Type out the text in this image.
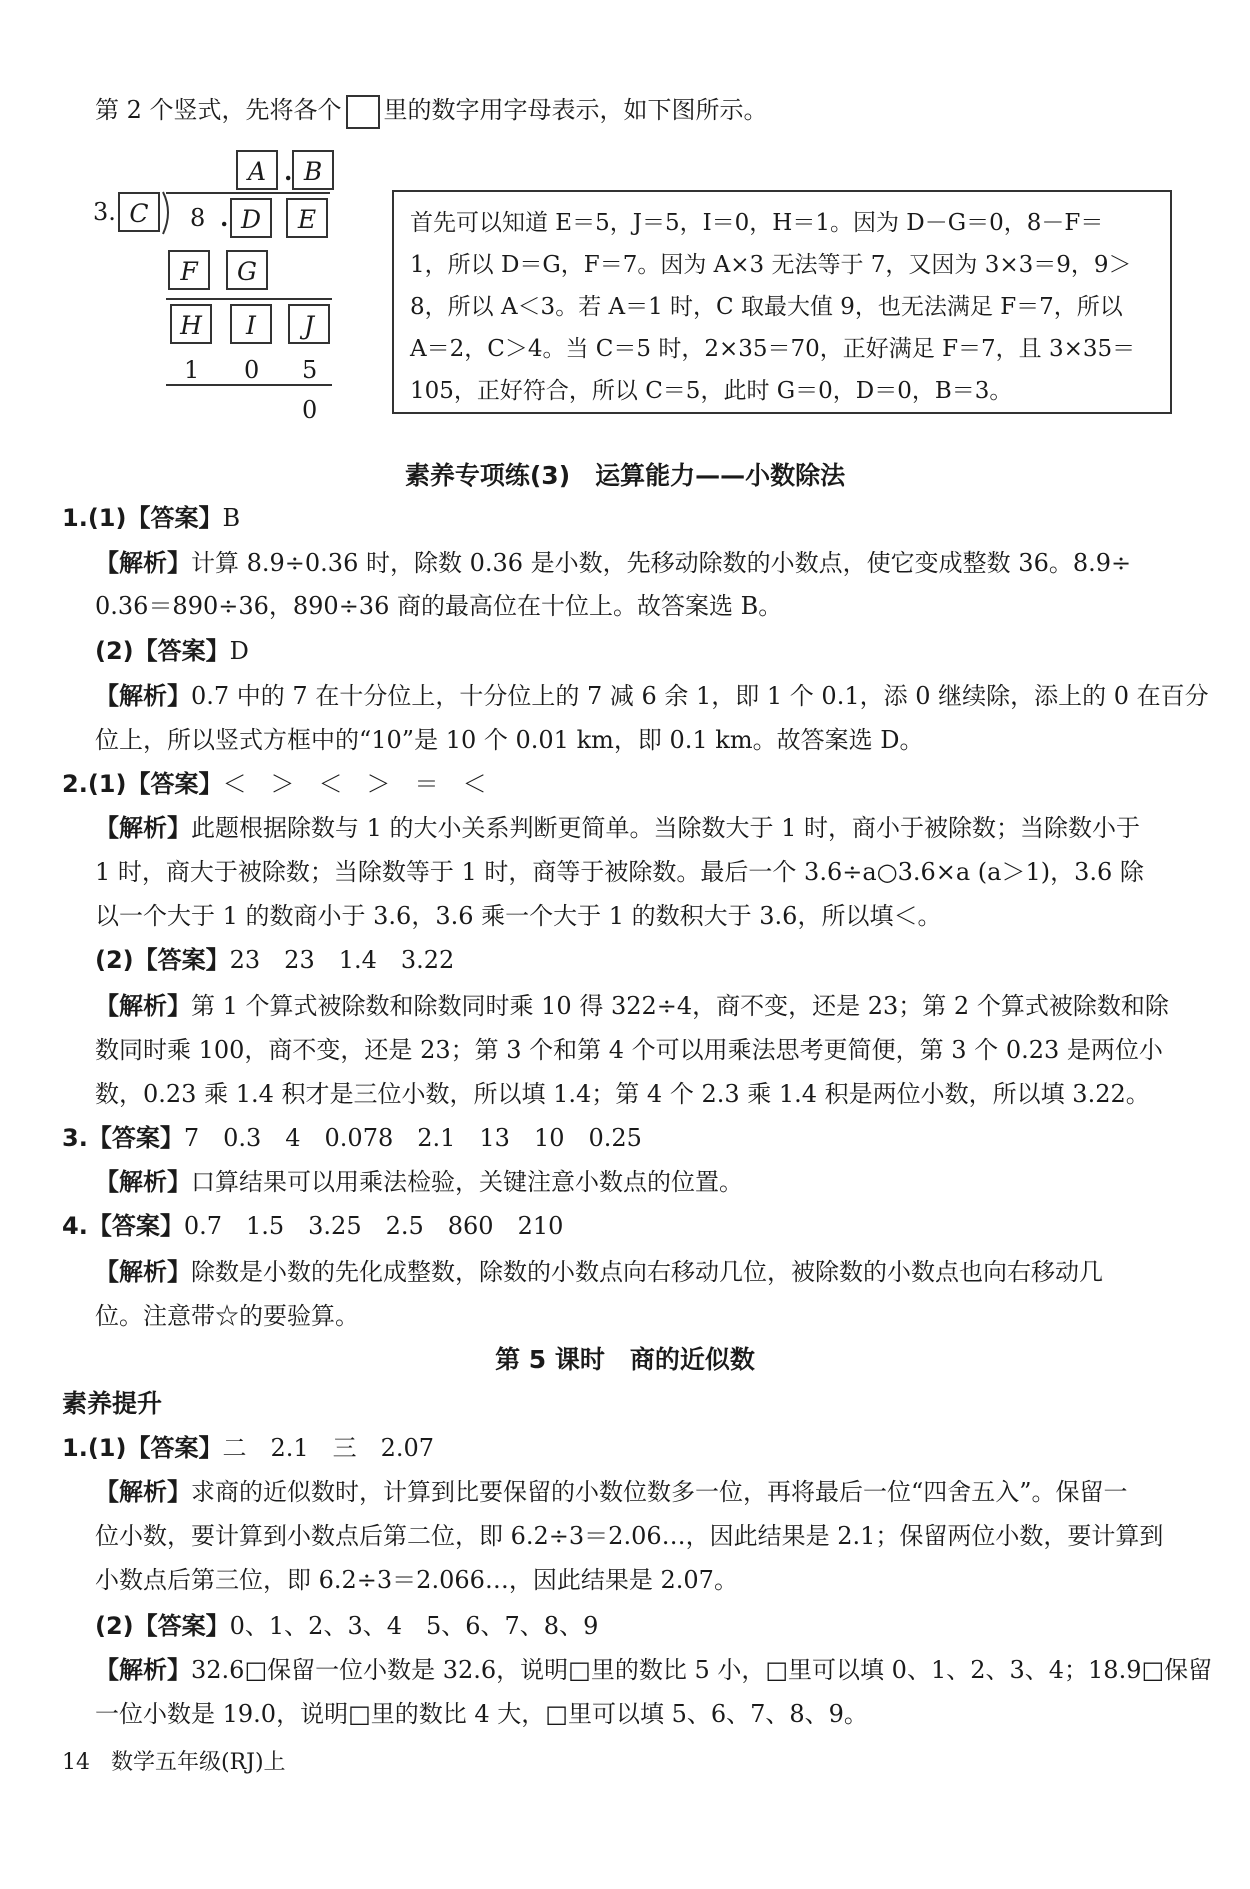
第 2 个竖式，先将各个 里的数字用字母表示，如下图所示。
3. C
A . B
8 . D	E
F	G
H	I	J
1 0 5
0
首先可以知道 E＝5，J＝5，I＝0，H＝1。因为 D－G＝0，8－F＝
1，所以 D＝G，F＝7。因为 A×3 无法等于 7，又因为 3×3＝9，9＞
8，所以 A＜3。若 A＝1 时，C 取最大值 9，也无法满足 F＝7，所以
A＝2，C＞4。当 C＝5 时，2×35＝70，正好满足 F＝7，且 3×35＝
105，正好符合，所以 C＝5，此时 G＝0，D＝0，B＝3。
素养专项练(3)　运算能力——小数除法
1.(1)【答案】B
【解析】计算 8.9÷0.36 时，除数 0.36 是小数，先移动除数的小数点，使它变成整数 36。8.9÷
0.36＝890÷36，890÷36 商的最高位在十位上。故答案选 B。
(2)【答案】D
【解析】0.7 中的 7 在十分位上，十分位上的 7 减 6 余 1，即 1 个 0.1，添 0 继续除，添上的 0 在百分
位上，所以竖式方框中的“10”是 10 个 0.01 km，即 0.1 km。故答案选 D。
2.(1)【答案】＜　＞　＜　＞　＝　＜
【解析】此题根据除数与 1 的大小关系判断更简单。当除数大于 1 时，商小于被除数；当除数小于
1 时，商大于被除数；当除数等于 1 时，商等于被除数。最后一个 3.6÷a○3.6×a (a＞1)，3.6 除
以一个大于 1 的数商小于 3.6，3.6 乘一个大于 1 的数积大于 3.6，所以填＜。
(2)【答案】23　23　1.4　3.22
【解析】第 1 个算式被除数和除数同时乘 10 得 322÷4，商不变，还是 23；第 2 个算式被除数和除
数同时乘 100，商不变，还是 23；第 3 个和第 4 个可以用乘法思考更简便，第 3 个 0.23 是两位小
数，0.23 乘 1.4 积才是三位小数，所以填 1.4；第 4 个 2.3 乘 1.4 积是两位小数，所以填 3.22。
3.【答案】7　0.3　4　0.078　2.1　13　10　0.25
【解析】口算结果可以用乘法检验，关键注意小数点的位置。
4.【答案】0.7　1.5　3.25　2.5　860　210
【解析】除数是小数的先化成整数，除数的小数点向右移动几位，被除数的小数点也向右移动几
位。注意带☆的要验算。
第 5 课时　商的近似数
素养提升
1.(1)【答案】二　2.1　三　2.07
【解析】求商的近似数时，计算到比要保留的小数位数多一位，再将最后一位“四舍五入”。保留一
位小数，要计算到小数点后第二位，即 6.2÷3＝2.06…，因此结果是 2.1；保留两位小数，要计算到
小数点后第三位，即 6.2÷3＝2.066…，因此结果是 2.07。
(2)【答案】0、1、2、3、4　5、6、7、8、9
【解析】32.6□保留一位小数是 32.6，说明□里的数比 5 小，□里可以填 0、1、2、3、4；18.9□保留
一位小数是 19.0，说明□里的数比 4 大，□里可以填 5、6、7、8、9。
14 数学五年级(RJ)上
